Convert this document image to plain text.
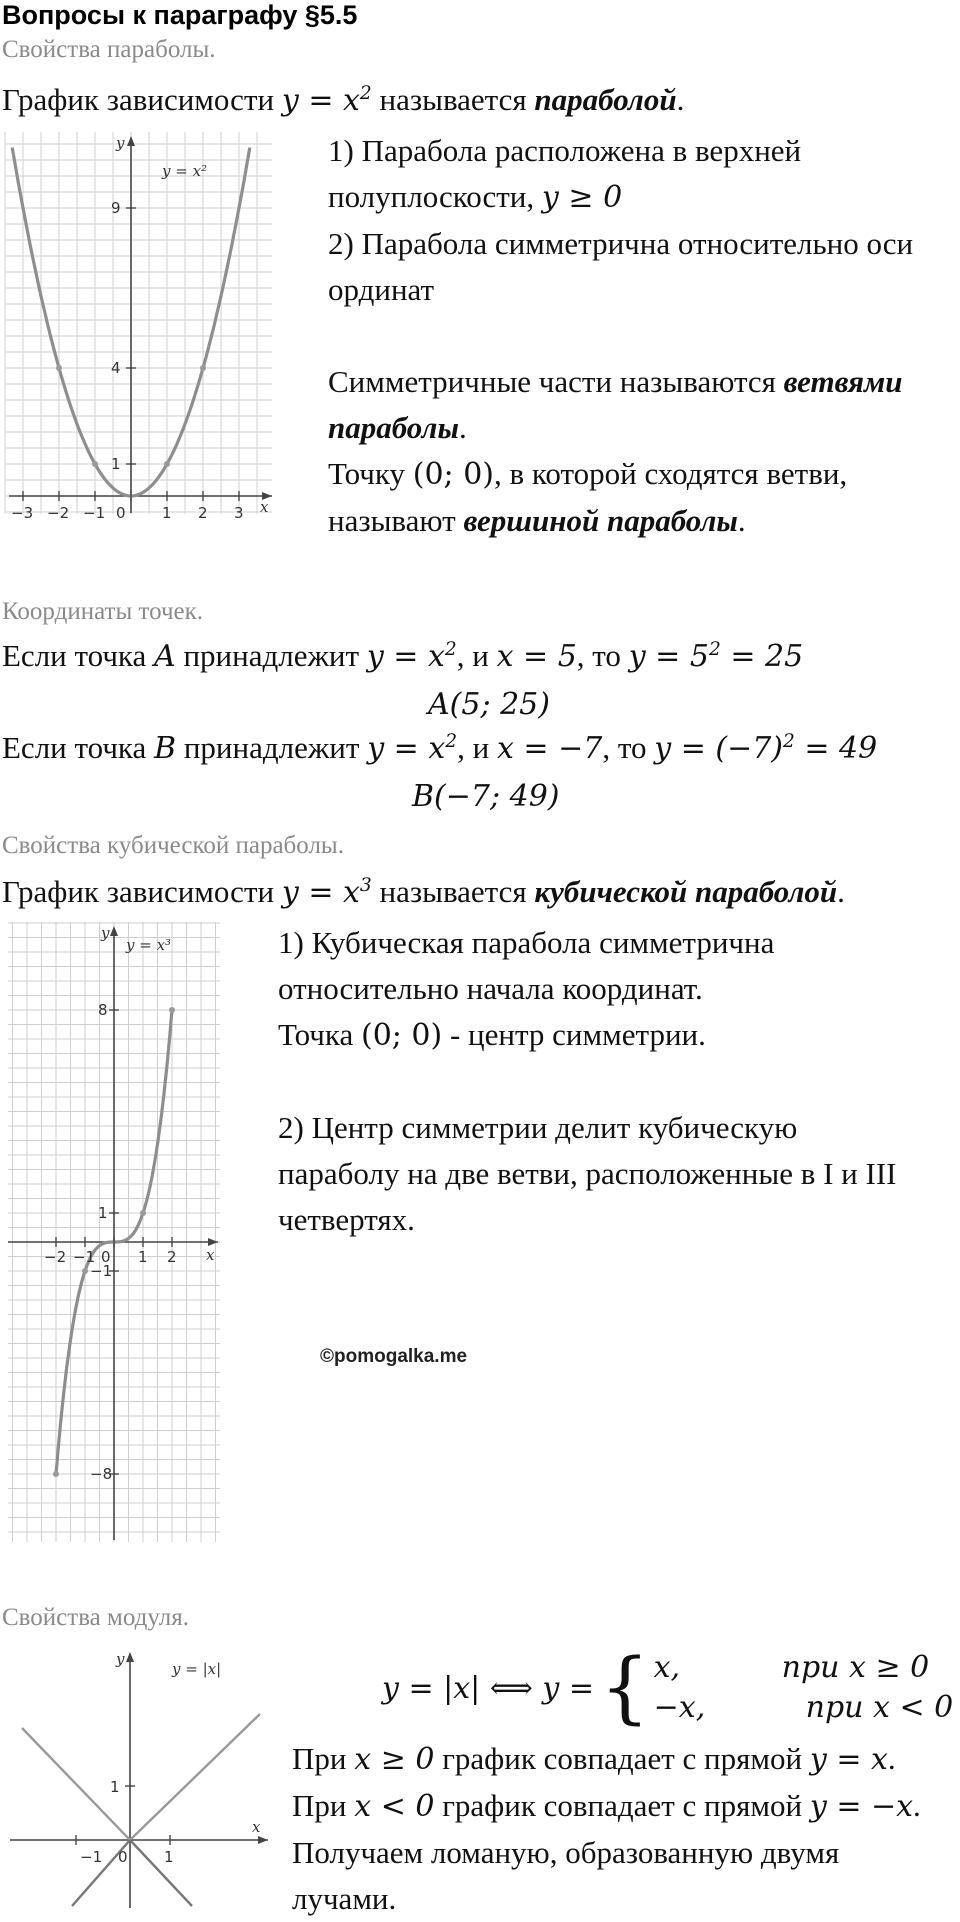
Вопросы к параграфу §5.5
Свойства параболы.
График зависимости $y = x^2$ называется параболой.
−3 −2 −1 0 1 2 3
9
4
1
y
x
y = x²
1) Парабола расположена в верхней
полуплоскости, y ≥ 0
2) Парабола симметрична относительно оси
ординат
Симметричные части называются ветвями
параболы.
Точку (0; 0), в которой сходятся ветви,
называют вершиной параболы.
Координаты точек.
Если точка A принадлежит $y = x^2$, и x = 5, то $y = 5^2 = 25$
A(5; 25)
Если точка B принадлежит $y = x^2$, и x = −7, то $y = (-7)^2 = 49$
B(−7; 49)
Свойства кубической параболы.
График зависимости $y = x^3$ называется кубической параболой.
−2 −1 0 1 2
8
1
−1
−8
y
x
y = x³	1) Кубическая парабола симметрична
относительно начала координат.
Точка (0; 0) - центр симметрии.
2) Центр симметрии делит кубическую
параболу на две ветви, расположенные в I и III
четвертях.
©pomogalka.me
Свойства модуля.
1
−1 0 1
y
x
y = |x|
y = |x| ⟺ y = { x,	при x ≥ 0
−x,	при x < 0
При x ≥ 0 график совпадает с прямой y = x.
При x < 0 график совпадает с прямой y = −x.
Получаем ломаную, образованную двумя
лучами.
